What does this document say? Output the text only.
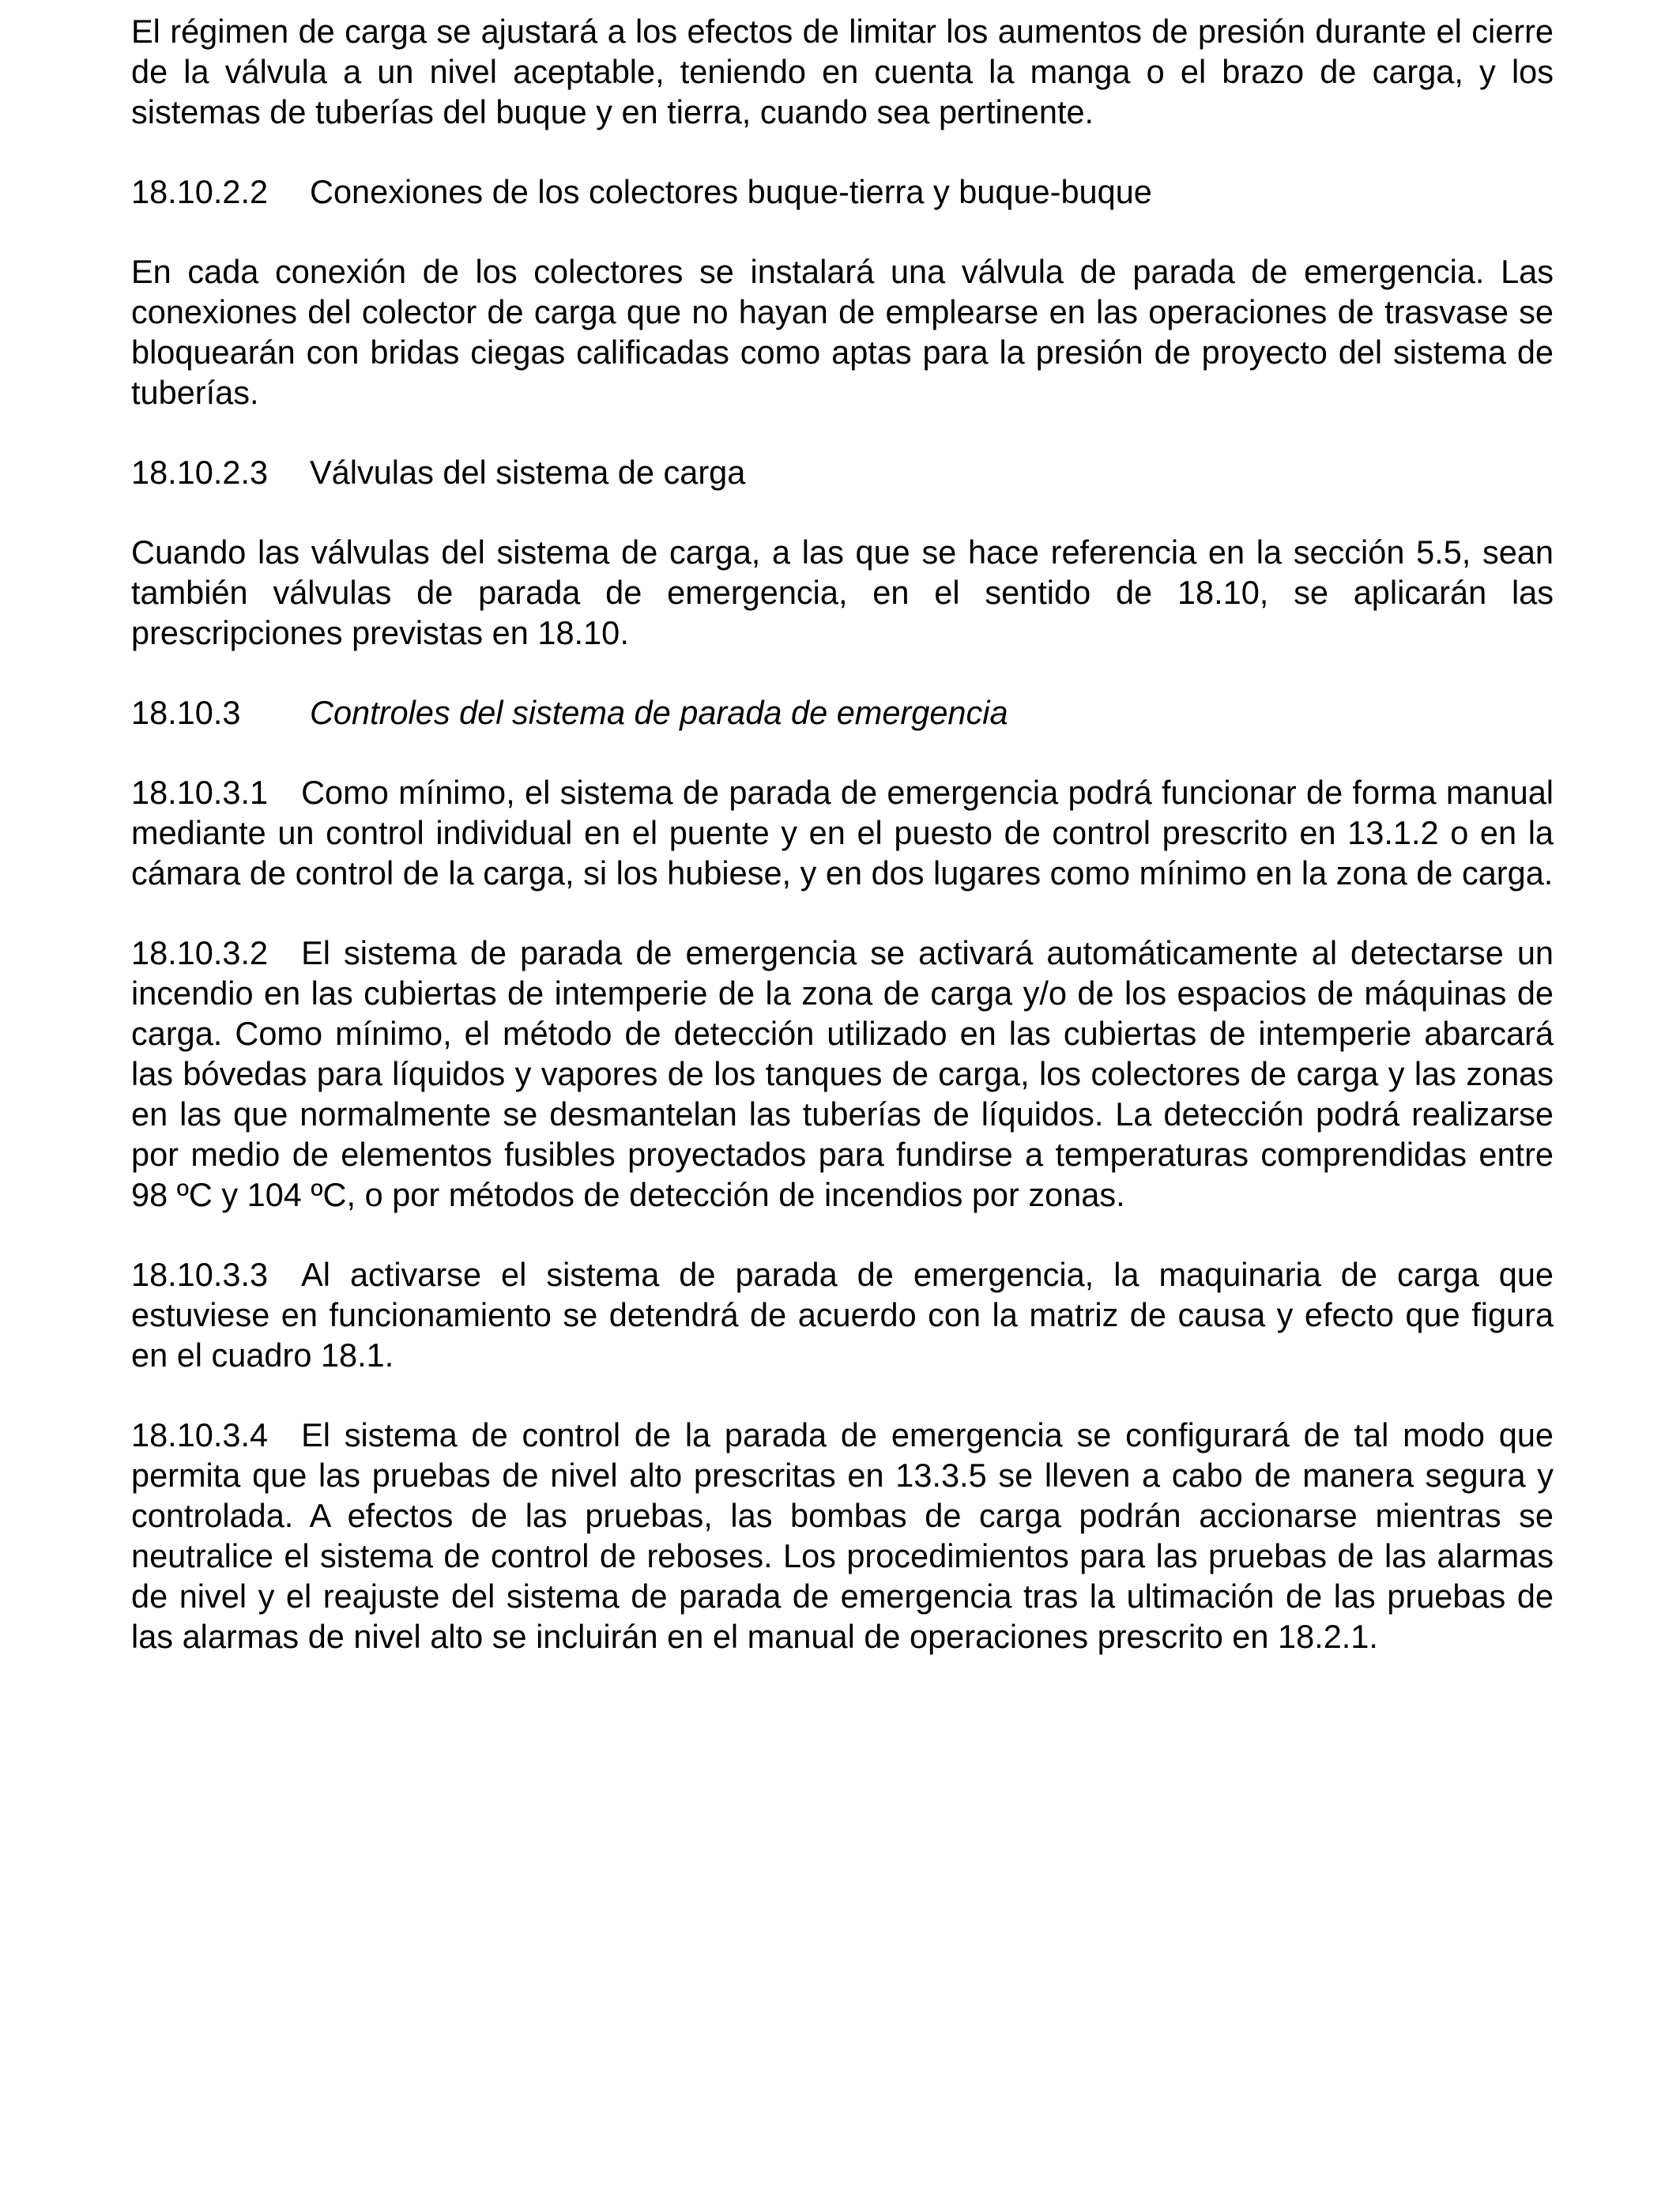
El régimen de carga se ajustará a los efectos de limitar los aumentos de presión durante el cierre de la válvula a un nivel aceptable, teniendo en cuenta la manga o el brazo de carga, y los sistemas de tuberías del buque y en tierra, cuando sea pertinente.

18.10.2.2 Conexiones de los colectores buque-tierra y buque-buque

En cada conexión de los colectores se instalará una válvula de parada de emergencia. Las conexiones del colector de carga que no hayan de emplearse en las operaciones de trasvase se bloquearán con bridas ciegas calificadas como aptas para la presión de proyecto del sistema de tuberías.

18.10.2.3 Válvulas del sistema de carga

Cuando las válvulas del sistema de carga, a las que se hace referencia en la sección 5.5, sean también válvulas de parada de emergencia, en el sentido de 18.10, se aplicarán las prescripciones previstas en 18.10.

18.10.3 Controles del sistema de parada de emergencia

18.10.3.1 Como mínimo, el sistema de parada de emergencia podrá funcionar de forma manual mediante un control individual en el puente y en el puesto de control prescrito en 13.1.2 o en la cámara de control de la carga, si los hubiese, y en dos lugares como mínimo en la zona de carga.

18.10.3.2 El sistema de parada de emergencia se activará automáticamente al detectarse un incendio en las cubiertas de intemperie de la zona de carga y/o de los espacios de máquinas de carga. Como mínimo, el método de detección utilizado en las cubiertas de intemperie abarcará las bóvedas para líquidos y vapores de los tanques de carga, los colectores de carga y las zonas en las que normalmente se desmantelan las tuberías de líquidos. La detección podrá realizarse por medio de elementos fusibles proyectados para fundirse a temperaturas comprendidas entre 98 ºC y 104 ºC, o por métodos de detección de incendios por zonas.

18.10.3.3 Al activarse el sistema de parada de emergencia, la maquinaria de carga que estuviese en funcionamiento se detendrá de acuerdo con la matriz de causa y efecto que figura en el cuadro 18.1.

18.10.3.4 El sistema de control de la parada de emergencia se configurará de tal modo que permita que las pruebas de nivel alto prescritas en 13.3.5 se lleven a cabo de manera segura y controlada. A efectos de las pruebas, las bombas de carga podrán accionarse mientras se neutralice el sistema de control de reboses. Los procedimientos para las pruebas de las alarmas de nivel y el reajuste del sistema de parada de emergencia tras la ultimación de las pruebas de las alarmas de nivel alto se incluirán en el manual de operaciones prescrito en 18.2.1.
